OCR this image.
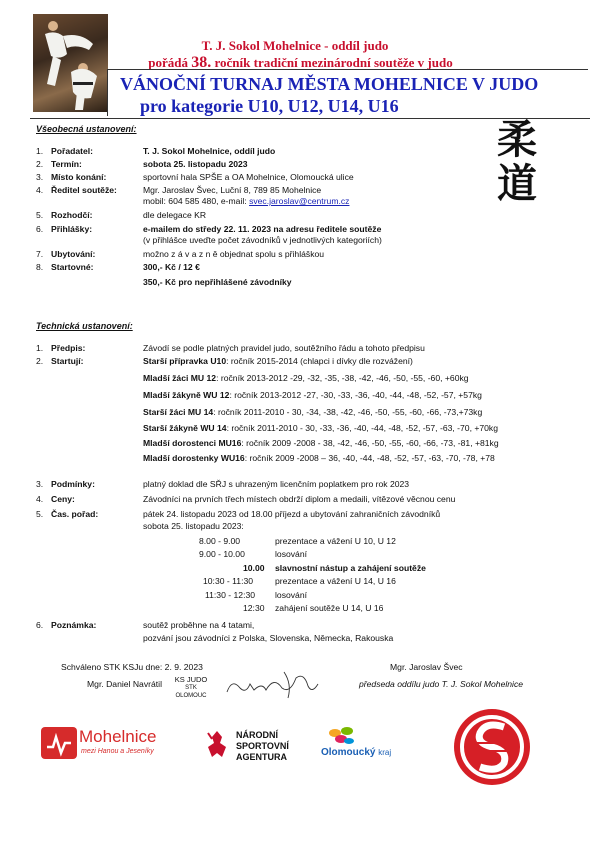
T. J. Sokol Mohelnice - oddíl judo
pořádá 38. ročník tradiční mezinárodní soutěže v judo
VÁNOČNÍ TURNAJ MĚSTA MOHELNICE V JUDO
pro kategorie U10, U12, U14, U16
柔
道
Všeobecná ustanovení:
1. Pořadatel:	T. J. Sokol Mohelnice, oddíl judo
2. Termín:	sobota 25. listopadu 2023
3. Místo konání:	sportovní hala SPŠE a OA Mohelnice, Olomoucká ulice
4. Ředitel soutěže:	Mgr. Jaroslav Švec, Luční 8, 789 85 Mohelnice
mobil: 604 585 480, e-mail: svec.jaroslav@centrum.cz
5. Rozhodčí:	dle delegace KR
6. Přihlášky:	e-mailem do středy 22. 11. 2023 na adresu ředitele soutěže
(v přihlášce uveďte počet závodníků v jednotlivých kategoriích)
7. Ubytování:	možno z á v a z n ě objednat spolu s přihláškou
8. Startovné:	300,- Kč / 12 €
350,- Kč pro nepřihlášené závodníky
Technická ustanovení:
1. Předpis:	Závodí se podle platných pravidel judo, soutěžního řádu a tohoto předpisu
2. Startují:	Starší přípravka U10: ročník 2015-2014 (chlapci i dívky dle rozvážení)
Mladší žáci MU 12: ročník 2013-2012 -29, -32, -35, -38, -42, -46, -50, -55, -60, +60kg
Mladší žákyně WU 12: ročník 2013-2012 -27, -30, -33, -36, -40, -44, -48, -52, -57, +57kg
Starší žáci MU 14: ročník 2011-2010 - 30, -34, -38, -42, -46, -50, -55, -60, -66, -73,+73kg
Starší žákyně WU 14: ročník 2011-2010 - 30, -33, -36, -40, -44, -48, -52, -57, -63, -70, +70kg
Mladší dorostenci MU16: ročník 2009 -2008 - 38, -42, -46, -50, -55, -60, -66, -73, -81, +81kg
Mladší dorostenky WU16: ročník 2009 -2008 – 36, -40, -44, -48, -52, -57, -63, -70, -78, +78
3. Podmínky:	platný doklad dle SŘJ s uhrazeným licenčním poplatkem pro rok 2023
4. Ceny:	Závodníci na prvních třech místech obdrží diplom a medaili, vítězové věcnou cenu
5. Čas. pořad:	pátek 24. listopadu 2023 od 18.00 příjezd a ubytování zahraničních závodníků
sobota 25. listopadu 2023:
8.00 - 9.00	prezentace a vážení U 10, U 12
9.00 - 10.00	losování
10.00 slavnostní nástup a zahájení soutěže
10:30 - 11:30	prezentace a vážení U 14, U 16
11:30 - 12:30 losování
12:30 zahájení soutěže U 14, U 16
6. Poznámka:	soutěž proběhne na 4 tatami,
pozvání jsou závodníci z Polska, Slovenska, Německa, Rakouska
Schváleno STK KSJu dne: 2. 9. 2023
Mgr. Daniel Navrátil	KS JUDO
STK
OLOMOUC
Mgr. Jaroslav Švec
předseda oddílu judo T. J. Sokol Mohelnice
Mohelnice
mezi Hanou a Jeseníky
NÁRODNÍ
SPORTOVNÍ
AGENTURA	Olomoucký kraj
